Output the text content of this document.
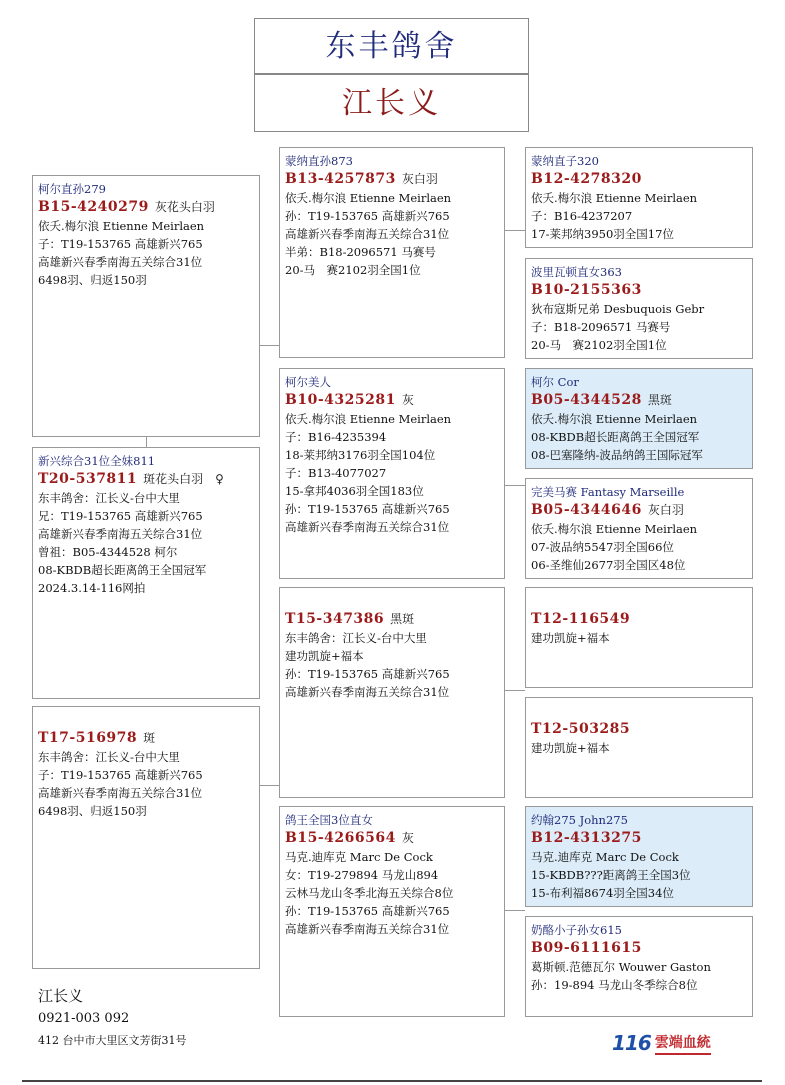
东丰鸽舍
江长义
柯尔直孙279
B15-4240279 灰花头白羽
依夭.梅尔浪 Etienne Meirlaen
子：T19-153765 高雄新兴765
高雄新兴春季南海五关综合31位
6498羽、归返150羽
新兴综合31位全妹811
T20-537811 斑花头白羽　♀
东丰鸽舍：江长义-台中大里
兄：T19-153765 高雄新兴765
高雄新兴春季南海五关综合31位
曾祖：B05-4344528 柯尔
08-KBDB超长距离鸽王全国冠军
2024.3.14-116网拍
T17-516978 斑
东丰鸽舍：江长义-台中大里
子：T19-153765 高雄新兴765
高雄新兴春季南海五关综合31位
6498羽、归返150羽
蒙纳直孙873
B13-4257873 灰白羽
依夭.梅尔浪 Etienne Meirlaen
孙：T19-153765 高雄新兴765
高雄新兴春季南海五关综合31位
半弟：B18-2096571 马赛号
20-马　赛2102羽全国1位
柯尔美人
B10-4325281 灰
依夭.梅尔浪 Etienne Meirlaen
子：B16-4235394
18-莱邦纳3176羽全国104位
子：B13-4077027
15-拿邦4036羽全国183位
孙：T19-153765 高雄新兴765
高雄新兴春季南海五关综合31位
T15-347386 黑斑
东丰鸽舍：江长义-台中大里
建功凯旋+福本
孙：T19-153765 高雄新兴765
高雄新兴春季南海五关综合31位
鸽王全国3位直女
B15-4266564 灰
马克.迪库克 Marc De Cock
女：T19-279894 马龙山894
云林马龙山冬季北海五关综合8位
孙：T19-153765 高雄新兴765
高雄新兴春季南海五关综合31位
蒙纳直子320
B12-4278320
依夭.梅尔浪 Etienne Meirlaen
子：B16-4237207
17-莱邦纳3950羽全国17位
波里瓦顿直女363
B10-2155363
狄布寇斯兄弟 Desbuquois Gebr
子：B18-2096571 马赛号
20-马　赛2102羽全国1位
柯尔 Cor
B05-4344528 黑斑
依夭.梅尔浪 Etienne Meirlaen
08-KBDB超长距离鸽王全国冠军
08-巴塞隆纳-波品纳鸽王国际冠军
完美马赛 Fantasy Marseille
B05-4344646 灰白羽
依夭.梅尔浪 Etienne Meirlaen
07-波品纳5547羽全国66位
06-圣维仙2677羽全国区48位
T12-116549
建功凯旋+福本
T12-503285
建功凯旋+福本
约翰275 John275
B12-4313275
马克.迪库克 Marc De Cock
15-KBDB???距离鸽王全国3位
15-布利福8674羽全国34位
奶酪小子孙女615
B09-6111615
葛斯顿.范德瓦尔 Wouwer Gaston
孙：19-894 马龙山冬季综合8位
江长义
0921-003 092
412 台中市大里区文芳街31号	116 雲端血統
